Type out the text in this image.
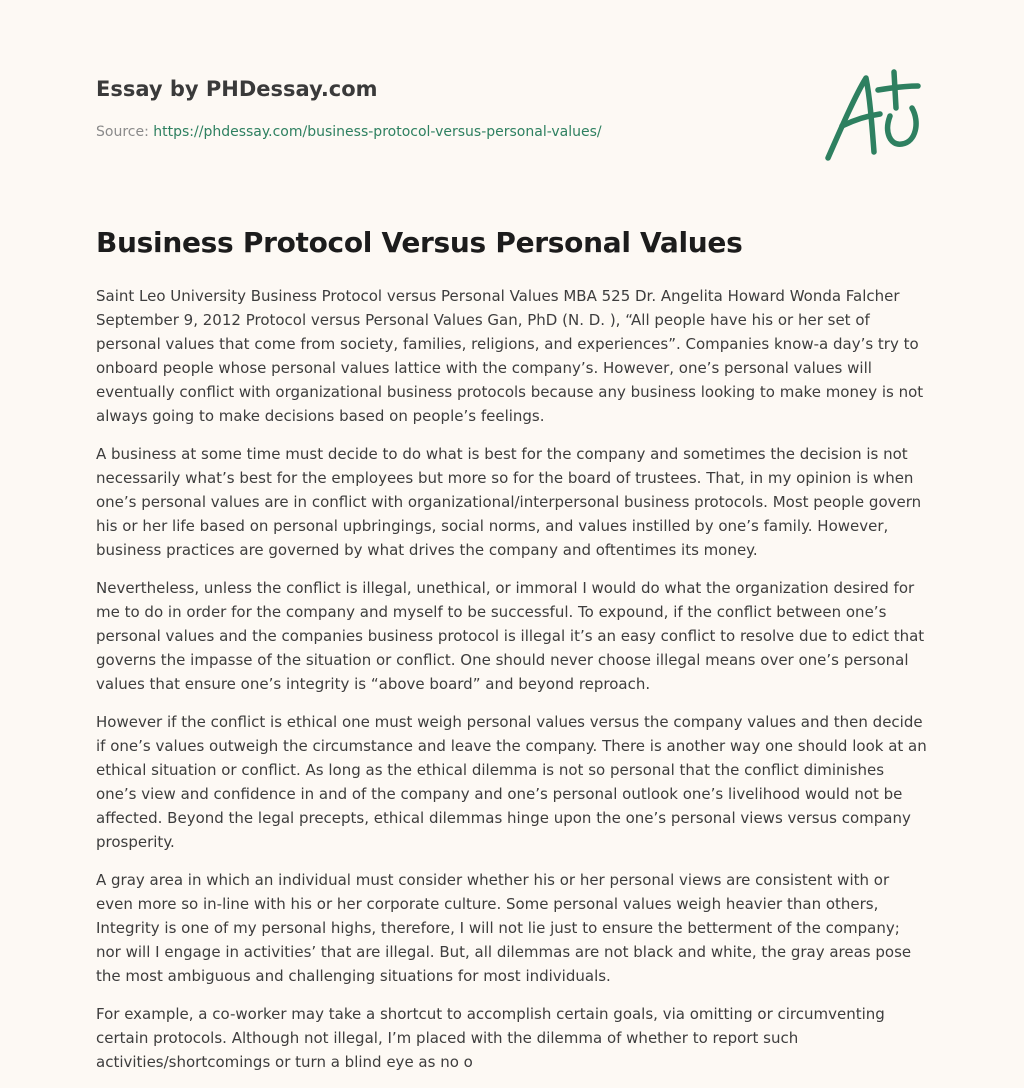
Essay by PHDessay.com
Source: https://phdessay.com/business-protocol-versus-personal-values/
Business Protocol Versus Personal Values

Saint Leo University Business Protocol versus Personal Values MBA 525 Dr. Angelita Howard Wonda Falcher September 9, 2012 Protocol versus Personal Values Gan, PhD (N. D. ), “All people have his or her set of personal values that come from society, families, religions, and experiences”. Companies know-a day’s try to onboard people whose personal values lattice with the company’s. However, one’s personal values will eventually conflict with organizational business protocols because any business looking to make money is not always going to make decisions based on people’s feelings.

A business at some time must decide to do what is best for the company and sometimes the decision is not necessarily what’s best for the employees but more so for the board of trustees. That, in my opinion is when one’s personal values are in conflict with organizational/interpersonal business protocols. Most people govern his or her life based on personal upbringings, social norms, and values instilled by one’s family. However, business practices are governed by what drives the company and oftentimes its money.

Nevertheless, unless the conflict is illegal, unethical, or immoral I would do what the organization desired for me to do in order for the company and myself to be successful. To expound, if the conflict between one’s personal values and the companies business protocol is illegal it’s an easy conflict to resolve due to edict that governs the impasse of the situation or conflict. One should never choose illegal means over one’s personal values that ensure one’s integrity is “above board” and beyond reproach.

However if the conflict is ethical one must weigh personal values versus the company values and then decide if one’s values outweigh the circumstance and leave the company. There is another way one should look at an ethical situation or conflict. As long as the ethical dilemma is not so personal that the conflict diminishes one’s view and confidence in and of the company and one’s personal outlook one’s livelihood would not be affected. Beyond the legal precepts, ethical dilemmas hinge upon the one’s personal views versus company prosperity.

A gray area in which an individual must consider whether his or her personal views are consistent with or even more so in-line with his or her corporate culture. Some personal values weigh heavier than others, Integrity is one of my personal highs, therefore, I will not lie just to ensure the betterment of the company; nor will I engage in activities’ that are illegal. But, all dilemmas are not black and white, the gray areas pose the most ambiguous and challenging situations for most individuals.

For example, a co-worker may take a shortcut to accomplish certain goals, via omitting or circumventing certain protocols. Although not illegal, I’m placed with the dilemma of whether to report such activities/shortcomings or turn a blind eye as no o
